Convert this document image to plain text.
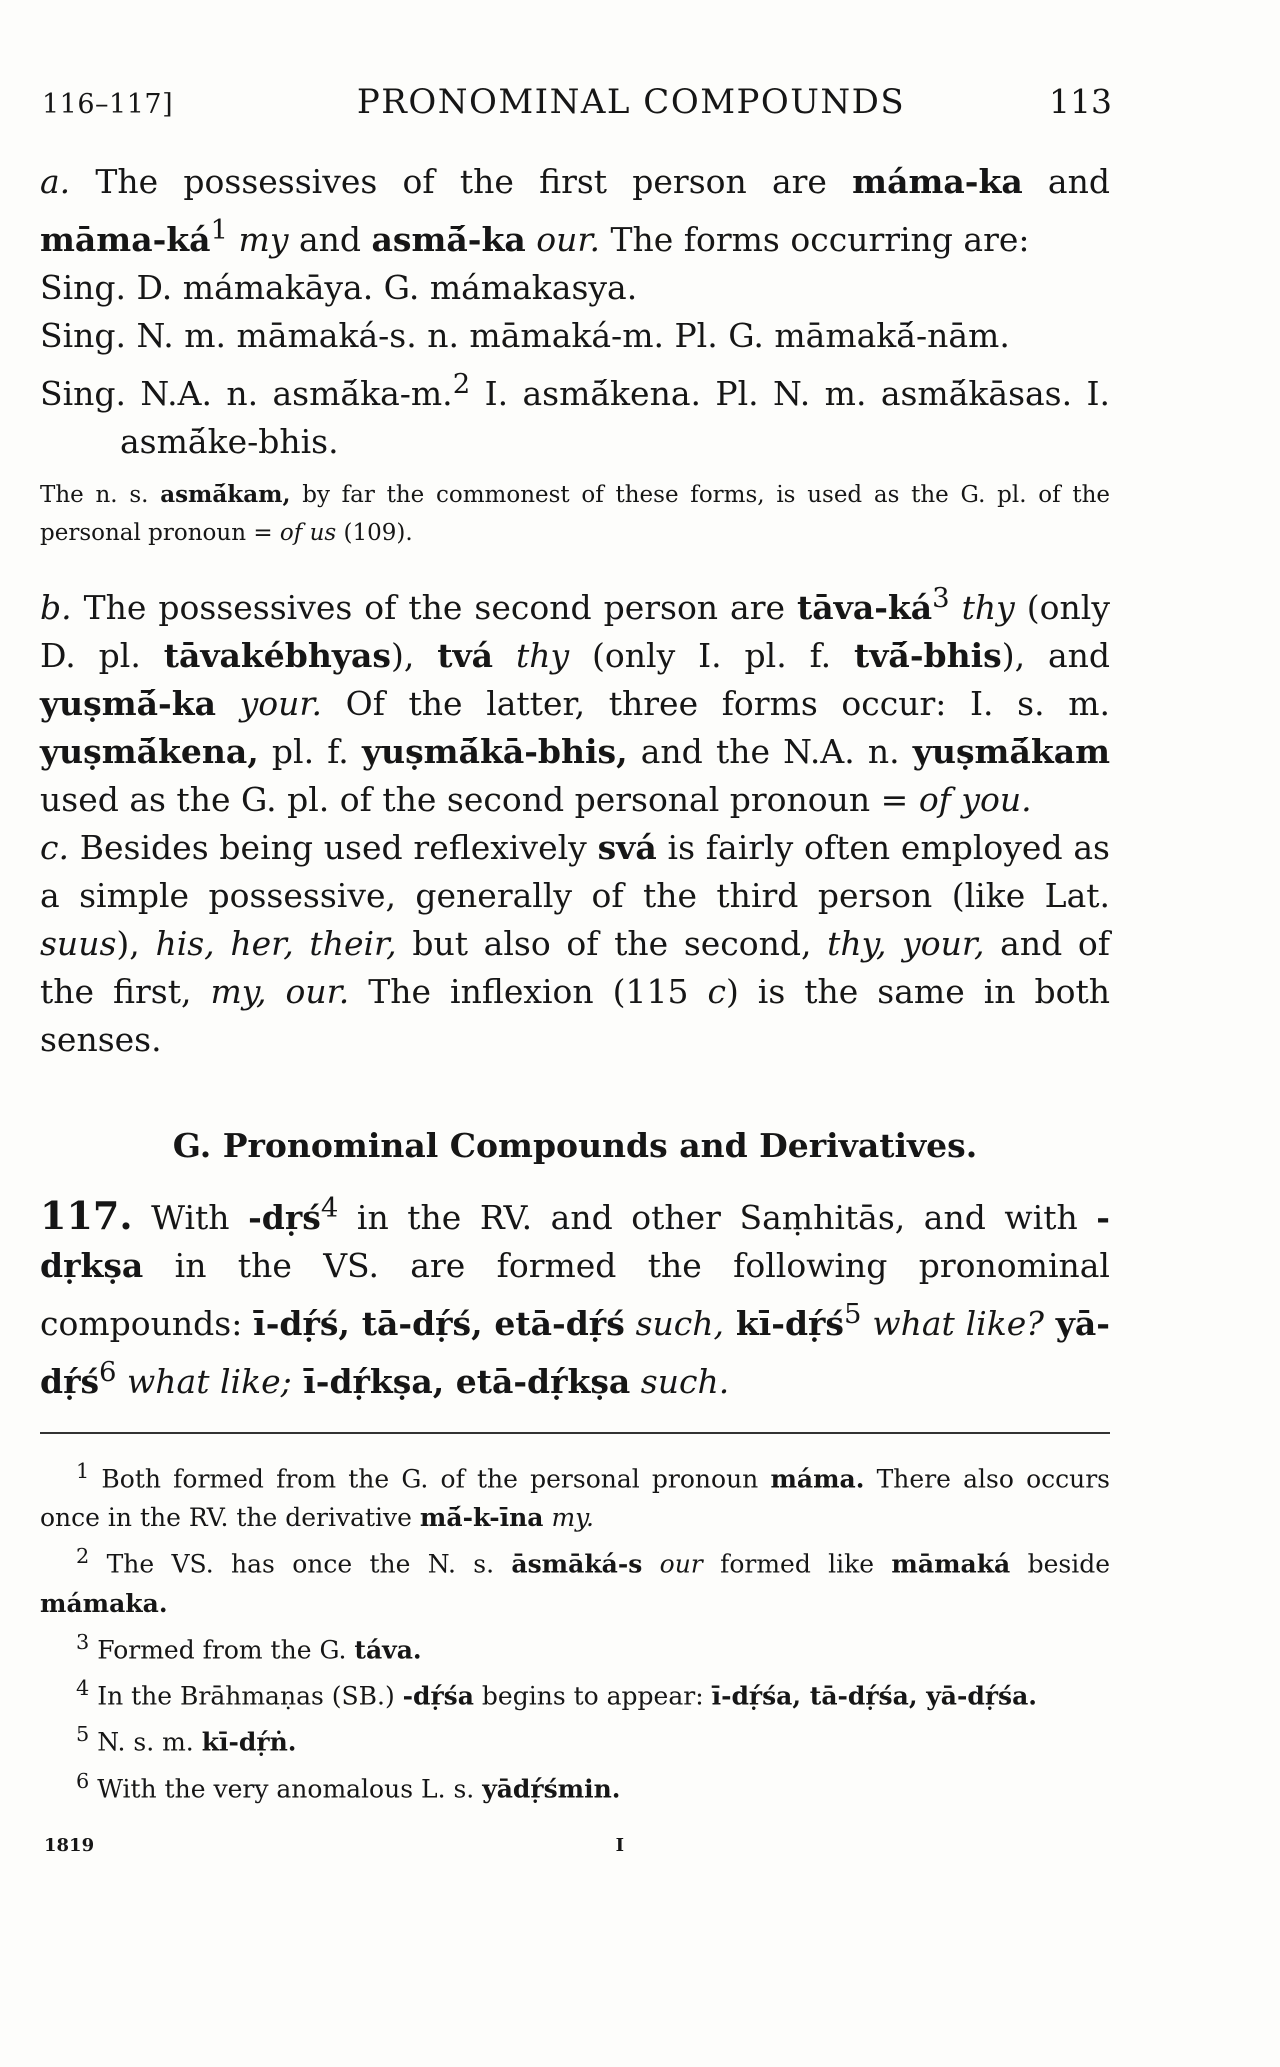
116–117]	PRONOMINAL COMPOUNDS	113

a. The possessives of the first person are máma-ka and māma-$ká^1$ my and asmā́-ka our. The forms occurring are:

Sing. D. mámakāya. G. mámakasya.

Sing. N. m. māmaká-s. n. māmaká-m. Pl. G. māmakā́-nām.

Sing. N.A. n. asmā́ka-m.$^2$ I. asmā́kena. Pl. N. m. asmā́kāsas. I. asmā́ke-bhis.

The n. s. asmā́kam, by far the commonest of these forms, is used as the G. pl. of the personal pronoun = of us (109).

b. The possessives of the second person are tāva-$ká^3$ thy (only D. pl. tāvakébhyas), tvá thy (only I. pl. f. tvā́-bhis), and yuṣmā́-ka your. Of the latter, three forms occur: I. s. m. yuṣmā́kena, pl. f. yuṣmā́kā-bhis, and the N.A. n. yuṣmā́kam used as the G. pl. of the second personal pronoun = of you.

c. Besides being used reflexively svá is fairly often employed as a simple possessive, generally of the third person (like Lat. suus), his, her, their, but also of the second, thy, your, and of the first, my, our. The inflexion (115 c) is the same in both senses.

G. Pronominal Compounds and Derivatives.

117. With -dṛś$^4$ in the RV. and other Saṃhitās, and with -dṛkṣa in the VS. are formed the following pronominal compounds: ī-dṛ́ś, tā-dṛ́ś, etā-dṛ́ś such, $kī-dṛ́ś^5$ what like? $yā-dṛ́ś^6$ what like; ī-dṛ́kṣa, etā-dṛ́kṣa such.

$^1$ Both formed from the G. of the personal pronoun máma. There also occurs once in the RV. the derivative mā́-k-īna my.

$^2$ The VS. has once the N. s. āsmāká-s our formed like māmaká beside mámaka.

$^3$ Formed from the G. táva.

$^4$ In the Brāhmaṇas (SB.) -dṛ́śa begins to appear: ī-dṛ́śa, tā-dṛ́śa, yā-dṛ́śa.

$^5$ N. s. m. kī-dṛ́ṅ.

$^6$ With the very anomalous L. s. yādṛ́śmin.

1819	I
